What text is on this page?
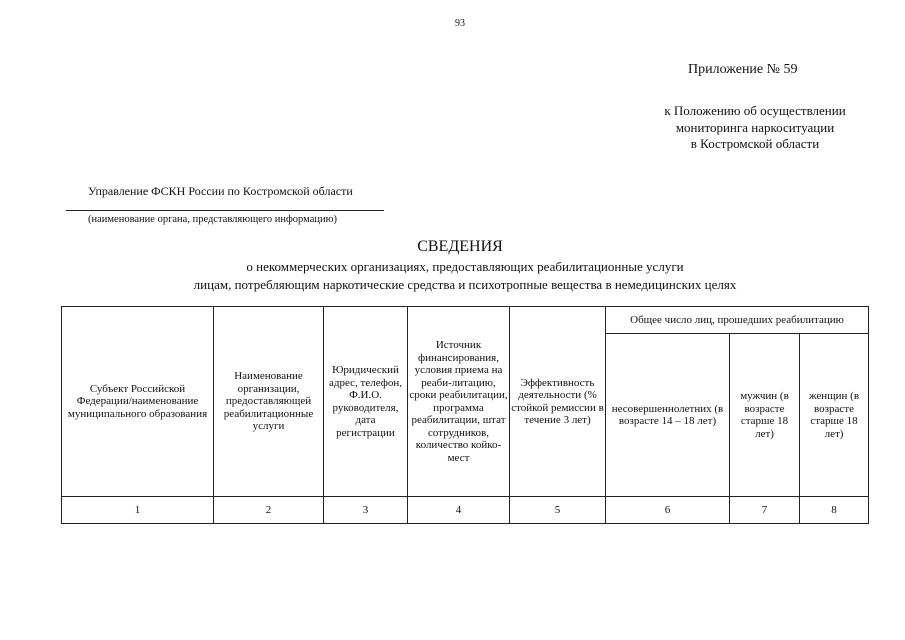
93
Приложение № 59
к Положению об осуществлении
мониторинга наркоситуации
в Костромской области
Управление ФСКН России по Костромской области
(наименование органа, представляющего информацию)
СВЕДЕНИЯ
о некоммерческих организациях, предоставляющих реабилитационные услуги
лицам, потребляющим наркотические средства и психотропные вещества в немедицинских целях
Субъект Российской Федерации/наименование муниципального образования	Наименование организации, предоставляющей реабилитационные услуги	Юридический адрес, телефон, Ф.И.О. руководителя, дата регистрации	Источник финансирования, условия приема на реаби-литацию, сроки реабилитации, программа реабилитации, штат сотрудников, количество койко-мест	Эффективность деятельности (% стойкой ремиссии в течение 3 лет)	Общее число лиц, прошедших реабилитацию		
					несовершеннолетних (в возрасте 14 – 18 лет)	мужчин (в возрасте старше 18 лет)	женщин (в возрасте старше 18 лет)
1	2	3	4	5	6	7	8
